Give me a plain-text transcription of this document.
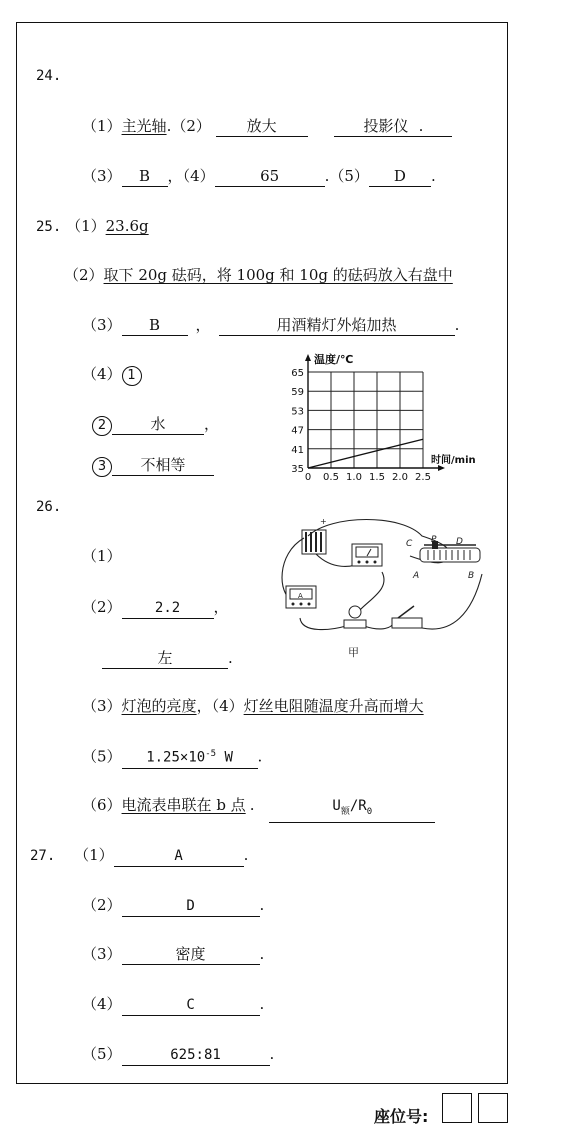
24.
（1）主光轴.（2） 放大	投影仪 .
（3） B ，（4）	65	.（5） D .
25. （1）23.6g
（2）取下 20g 砝码，将 100g 和 10g 的砝码放入右盘中
（3） B ，	用酒精灯外焰加热	.
（4） 1
2	水	，
3 不相等
0 0.5 1.0 1.5 2.0 2.5
35
41
47
53
59
65
温度/℃
时间/min
26.
（1）
（2） 2.2 ，
左	.
+
A
C P D
A	B
甲
（3）灯泡的亮度，（4）灯丝电阻随温度升高而增大
（5） $1.25\times 10^{-5}$ W .
（6）电流表串联在 b 点 .	$U_额/R_0$
27. （1）	A	.
（2）	D	.
（3）	密度	.
（4）	C	.
（5）	625:81	.
座位号:
